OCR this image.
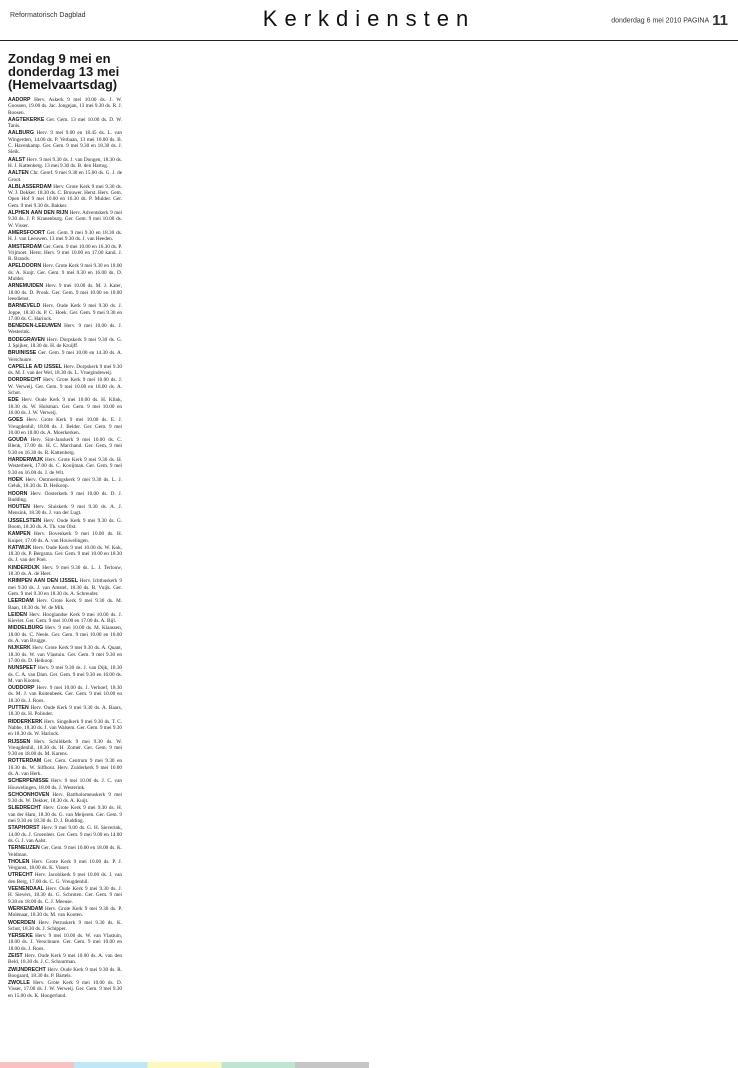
Reformatorisch Dagblad	Kerkdiensten	donderdag 6 mei 2010 PAGINA 11
Zondag 9 mei en donderdag 13 mei (Hemelvaartsdag)

AADORP Herv. Askerk 9 mei 10.00 ds. J. W. Goossen, 19.00 ds. Jac. Jongejan, 13 mei 9.30 ds. R. J. Roosen.

AAGTEKERKE Ger. Gem. 13 mei 10.00 ds. D. W. Tanis.

AALBURG Herv. 9 mei 9.00 en 18.45 ds. L. van Wingerden, 14.00 ds. P. Verbaan, 13 mei 10.00 ds. B. C. Havenkamp. Ger. Gem. 9 mei 9.30 en 18.30 ds. J. Sleik.

AALST Herv. 9 mei 9.30 ds. J. van Dongen, 18.30 ds. H. J. Kattenberg. 13 mei 9.30 ds. B. den Hartog.

AALTEN Chr. Geref. 9 mei 9.30 en 15.00 ds. G. J. de Groot.

ALBLASSERDAM Herv. Grote Kerk 9 mei 9.30 ds. W. J. Dekker. 18.30 ds. C. Brouwer. Herst. Herv. Gem. Open Hof 9 mei 10.00 en 16.30 ds. P. Mulder. Ger. Gem. 9 mei 9.30 ds. Bakker.

ALPHEN AAN DEN RIJN Herv. Adventskerk 9 mei 9.30 ds. J. P. Kranenburg. Ger. Gem. 9 mei 10.00 ds. W. Visser.

AMERSFOORT Ger. Gem. 9 mei 9.30 en 18.30 ds. H. J. van Leeuwen. 13 mei 9.30 ds. J. van Heeden.

AMSTERDAM Ger. Gem. 9 mei 10.00 en 16.30 ds. P. Vrijmoet. Herst. Herv. 9 mei 10.00 en 17.00 kand. J. R. Brands.

APELDOORN Herv. Grote Kerk 9 mei 9.30 en 18.00 ds. A. Kuijt. Ger. Gem. 9 mei 9.30 en 16.00 ds. D. Mulder.

ARNEMUIDEN Herv. 9 mei 10.00 ds. M. J. Kater, 18.00 ds. D. Pronk. Ger. Gem. 9 mei 10.00 en 18.00 leesdienst.

BARNEVELD Herv. Oude Kerk 9 mei 9.30 ds. J. Joppe, 18.30 ds. P. C. Hoek. Ger. Gem. 9 mei 9.30 en 17.00 ds. C. Harinck.

BENEDEN-LEEUWEN Herv. 9 mei 10.00 ds. J. Westerink.

BODEGRAVEN Herv. Dorpskerk 9 mei 9.30 ds. G. J. Spijker, 18.30 ds. H. de Kruijff.

BRUINISSE Ger. Gem. 9 mei 10.00 en 14.30 ds. A. Verschuure.

CAPELLE A/D IJSSEL Herv. Dorpskerk 9 mei 9.30 ds. M. J. van der Wel, 18.30 ds. L. Vroegindeweij.

DORDRECHT Herv. Grote Kerk 9 mei 10.00 ds. J. W. Verweij. Ger. Gem. 9 mei 10.00 en 18.00 ds. A. Schot.

EDE Herv. Oude Kerk 9 mei 10.00 ds. H. Klink, 18.30 ds. W. Hulsman. Ger. Gem. 9 mei 10.00 en 16.00 ds. J. W. Verweij.

GOES Herv. Grote Kerk 9 mei 10.00 ds. E. J. Vreugdenhil, 18.00 ds. J. Belder. Ger. Gem. 9 mei 10.00 en 18.00 ds. A. Moerkerken.

GOUDA Herv. Sint-Janskerk 9 mei 10.00 ds. C. Blenk, 17.00 ds. H. C. Marchand. Ger. Gem. 9 mei 9.30 en 16.30 ds. R. Kattenberg.

HARDERWIJK Herv. Grote Kerk 9 mei 9.30 ds. H. Westerbeek, 17.00 ds. C. Kooijman. Ger. Gem. 9 mei 9.30 en 16.00 ds. J. de Wit.

HOEK Herv. Ontmoetingskerk 9 mei 9.30 ds. L. J. Geluk, 18.30 ds. D. Heikoop.

HOORN Herv. Oosterkerk 9 mei 10.00 ds. D. J. Budding.

HOUTEN Herv. Sluiskerk 9 mei 9.30 ds. A. J. Mensink, 18.30 ds. J. van der Lugt.

IJSSELSTEIN Herv. Oude Kerk 9 mei 9.30 ds. G. Boom, 18.30 ds. A. Th. van Olst.

KAMPEN Herv. Bovenkerk 9 mei 10.00 ds. H. Kuiper, 17.00 ds. A. van Houwelingen.

KATWIJK Herv. Oude Kerk 9 mei 10.00 ds. W. Kok, 18.30 ds. P. Bergsma. Ger. Gem. 9 mei 10.00 en 18.30 ds. J. van der Poel.

KINDERDIJK Herv. 9 mei 9.30 ds. L. J. Terlouw, 18.30 ds. A. de Heer.

KRIMPEN AAN DEN IJSSEL Herv. Ichthuskerk 9 mei 9.30 ds. J. van Amstel, 18.30 ds. B. Vuijk. Ger. Gem. 9 mei 9.30 en 18.30 ds. A. Schreuder.

LEERDAM Herv. Grote Kerk 9 mei 9.30 ds. M. Baan, 18.30 ds. W. de Mik.

LEIDEN Herv. Hooglandse Kerk 9 mei 10.00 ds. J. Kieviet. Ger. Gem. 9 mei 10.00 en 17.00 ds. A. Bijl.

MIDDELBURG Herv. 9 mei 10.00 ds. M. Klaassen, 18.00 ds. C. Neele. Ger. Gem. 9 mei 10.00 en 18.00 ds. A. van Brugge.

NIJKERK Herv. Grote Kerk 9 mei 9.30 ds. A. Quant, 18.30 ds. W. van Vlastuin. Ger. Gem. 9 mei 9.30 en 17.00 ds. D. Heikoop.

NUNSPEET Herv. 9 mei 9.30 ds. J. van Dijk, 18.30 ds. C. A. van Dam. Ger. Gem. 9 mei 9.30 en 16.00 ds. M. van Kooten.

OUDDORP Herv. 9 mei 10.00 ds. J. Verhoef, 18.30 ds. M. J. van Ruitenbeek. Ger. Gem. 9 mei 10.00 en 18.30 ds. J. Roos.

PUTTEN Herv. Oude Kerk 9 mei 9.30 ds. A. Baars, 18.30 ds. H. Polinder.

RIDDERKERK Herv. Singelkerk 9 mei 9.30 ds. T. C. Nabbe, 18.30 ds. J. van Walsem. Ger. Gem. 9 mei 9.30 en 18.30 ds. W. Harinck.

RIJSSEN Herv. Schildkerk 9 mei 9.30 ds. W. Vreugdenhil, 18.30 ds. H. Zomer. Ger. Gem. 9 mei 9.30 en 18.00 ds. M. Karens.

ROTTERDAM Ger. Gem. Centrum 9 mei 9.30 en 16.30 ds. W. Silfhout. Herv. Zuiderkerk 9 mei 10.00 ds. A. van Herk.

SCHERPENISSE Herv. 9 mei 10.00 ds. J. C. van Houwelingen, 18.00 ds. J. Westerink.

SCHOONHOVEN Herv. Bartholomeuskerk 9 mei 9.30 ds. W. Dekker, 18.30 ds. A. Kuijt.

SLIEDRECHT Herv. Grote Kerk 9 mei 9.30 ds. H. van der Ham, 18.30 ds. G. van Meijeren. Ger. Gem. 9 mei 9.30 en 18.30 ds. D. J. Budding.

STAPHORST Herv. 9 mei 9.00 ds. G. H. Sieverink, 14.00 ds. J. Groenleer. Ger. Gem. 9 mei 9.00 en 14.00 ds. G. J. van Aalst.

TERNEUZEN Ger. Gem. 9 mei 10.00 en 18.00 ds. K. Veldman.

THOLEN Herv. Grote Kerk 9 mei 10.00 ds. P. J. Vergunst, 18.00 ds. K. Visser.

UTRECHT Herv. Jacobikerk 9 mei 10.00 ds. J. van den Berg, 17.00 ds. C. G. Vreugdenhil.

VEENENDAAL Herv. Oude Kerk 9 mei 9.30 ds. J. H. Sievers, 18.30 ds. G. Schroten. Ger. Gem. 9 mei 9.30 en 18.00 ds. C. J. Meeuse.

WERKENDAM Herv. Grote Kerk 9 mei 9.30 ds. P. Molenaar, 18.30 ds. M. van Kooten.

WOERDEN Herv. Petruskerk 9 mei 9.30 ds. K. Schot, 18.30 ds. J. Schipper.

YERSEKE Herv. 9 mei 10.00 ds. W. van Vlastuin, 18.00 ds. J. Verschuure. Ger. Gem. 9 mei 10.00 en 18.00 ds. J. Roos.

ZEIST Herv. Oude Kerk 9 mei 10.00 ds. A. van den Beld, 18.30 ds. J. C. Schuurman.

ZWIJNDRECHT Herv. Oude Kerk 9 mei 9.30 ds. R. Boogaard, 18.30 ds. P. Bartels.

ZWOLLE Herv. Grote Kerk 9 mei 10.00 ds. D. Visser, 17.00 ds. J. W. Verweij. Ger. Gem. 9 mei 9.30 en 15.00 ds. K. Hoogerland.
